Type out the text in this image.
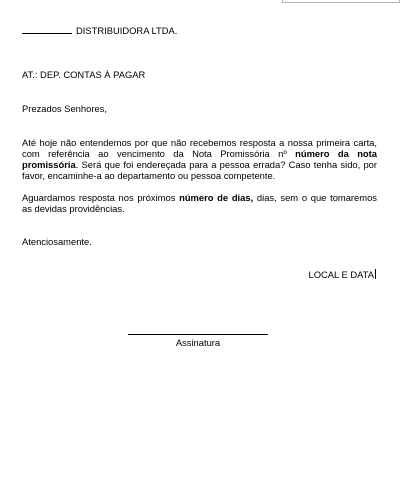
DISTRIBUIDORA LTDA.
AT.: DEP. CONTAS À PAGAR
Prezados Senhores,
Até hoje não entendemos por que não recebemos resposta a nossa primeira carta, com referência ao vencimento da Nota Promissória nº número da nota promissória. Será que foi endereçada para a pessoa errada? Caso tenha sido, por favor, encaminhe-a ao departamento ou pessoa competente.
Aguardamos resposta nos próximos número de dias, dias, sem o que tomaremos as devidas providências.
Atenciosamente.
LOCAL E DATA
Assinatura
